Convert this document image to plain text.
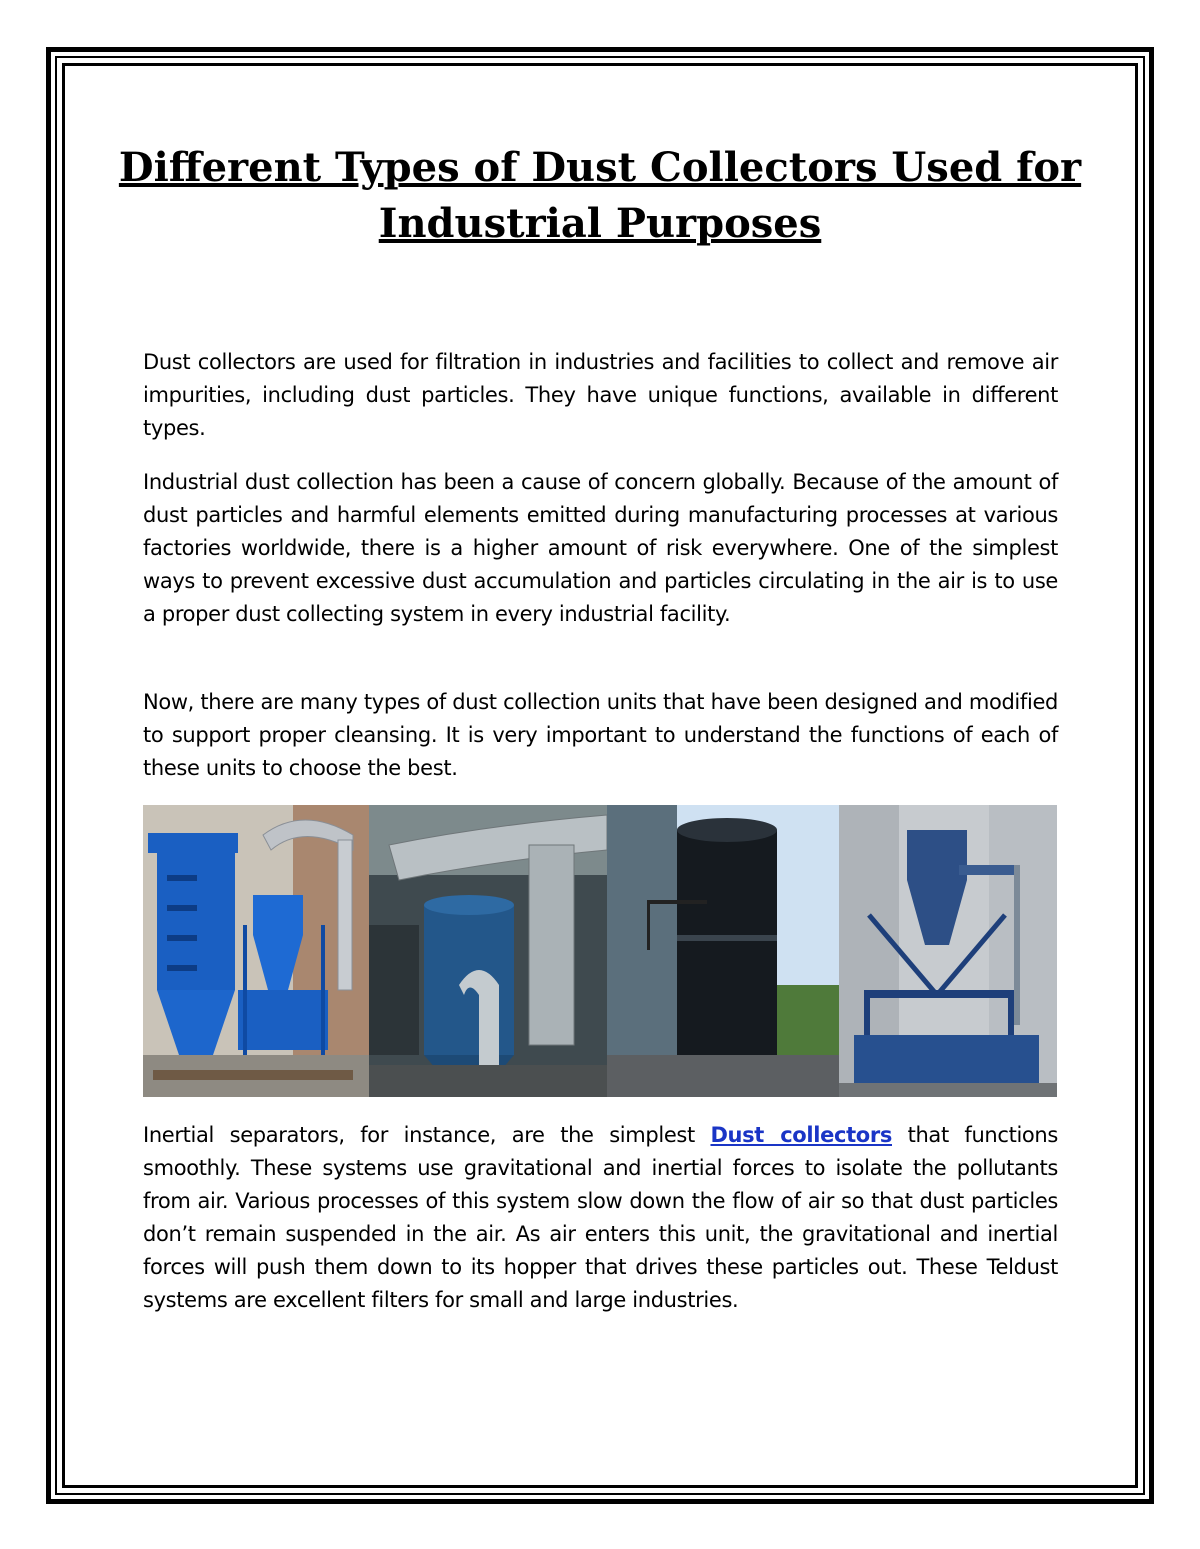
Different Types of Dust Collectors Used for Industrial Purposes

Dust collectors are used for filtration in industries and facilities to collect and remove air impurities, including dust particles. They have unique functions, available in different types.

Industrial dust collection has been a cause of concern globally. Because of the amount of dust particles and harmful elements emitted during manufacturing processes at various factories worldwide, there is a higher amount of risk everywhere. One of the simplest ways to prevent excessive dust accumulation and particles circulating in the air is to use a proper dust collecting system in every industrial facility.

Now, there are many types of dust collection units that have been designed and modified to support proper cleansing. It is very important to understand the functions of each of these units to choose the best.

Inertial separators, for instance, are the simplest Dust collectors that functions smoothly. These systems use gravitational and inertial forces to isolate the pollutants from air. Various processes of this system slow down the flow of air so that dust particles don’t remain suspended in the air. As air enters this unit, the gravitational and inertial forces will push them down to its hopper that drives these particles out. These Teldust systems are excellent filters for small and large industries.
